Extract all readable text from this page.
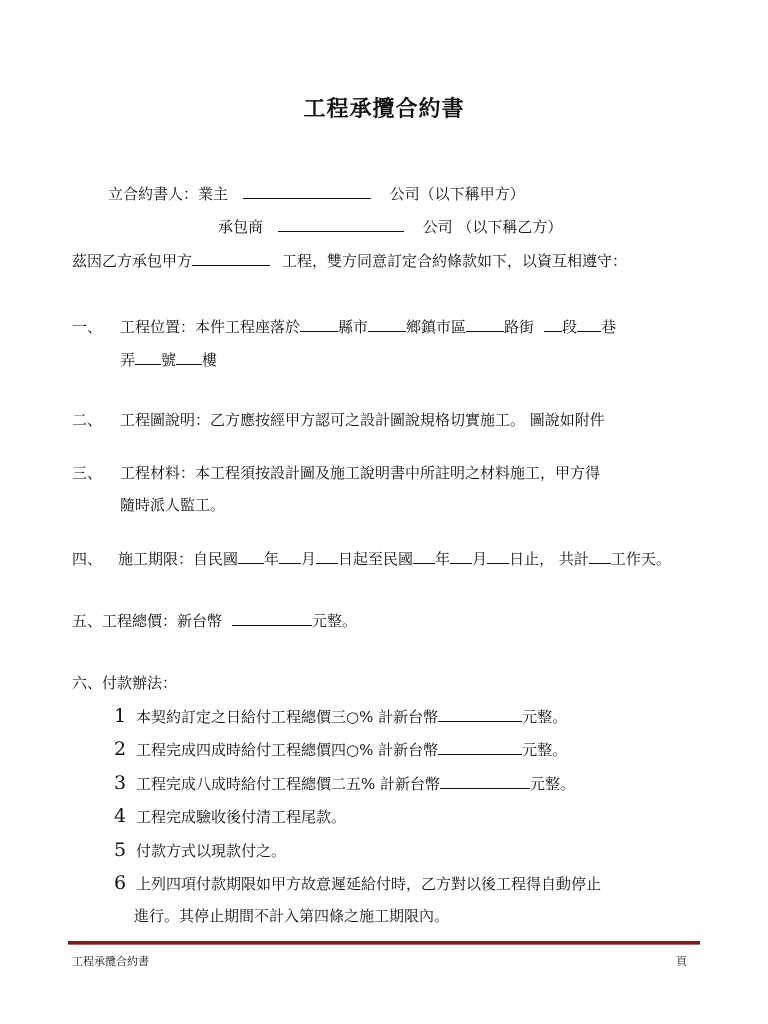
工程承攬合約書
立合約書人：業主	公司（以下稱甲方）
承包商	公司 （以下稱乙方）
茲因乙方承包甲方	工程，雙方同意訂定合約條款如下，以資互相遵守：
一、 工程位置：本件工程座落於	縣市	鄉鎮市區	路街 段 巷
弄 號 樓
二、 工程圖說明：乙方應按經甲方認可之設計圖說規格切實施工。 圖說如附件
三、 工程材料：本工程須按設計圖及施工說明書中所註明之材料施工，甲方得
隨時派人監工。
四、 施工期限：自民國 年 月 日起至民國 年 月 日止， 共計 工作天。
五、工程總價：新台幣	元整。
六、付款辦法：
1 本契約訂定之日給付工程總價三○% 計新台幣	元整。
2 工程完成四成時給付工程總價四○% 計新台幣	元整。
3 工程完成八成時給付工程總價二五% 計新台幣	元整。
4 工程完成驗收後付清工程尾款。
5 付款方式以現款付之。
6 上列四項付款期限如甲方故意遲延給付時，乙方對以後工程得自動停止
進行。其停止期間不計入第四條之施工期限內。
工程承攬合約書	頁
